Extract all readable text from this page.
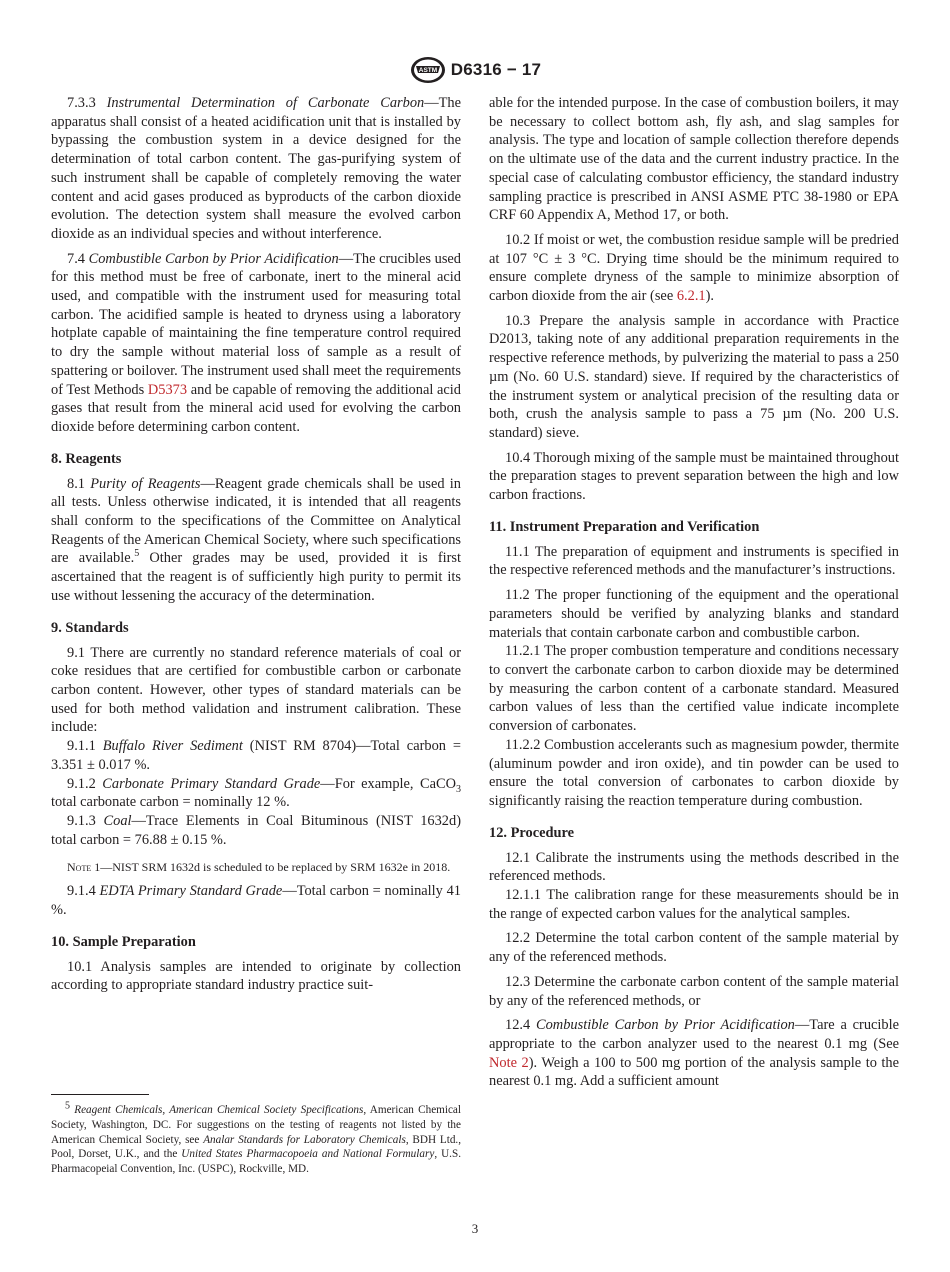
ASTM D6316 − 17

7.3.3 Instrumental Determination of Carbonate Carbon—The apparatus shall consist of a heated acidification unit that is installed by bypassing the combustion system in a device designed for the determination of total carbon content. The gas-purifying system of such instrument shall be capable of completely removing the water content and acid gases produced as byproducts of the carbon dioxide evolution. The detection system shall measure the evolved carbon dioxide as an individual species and without interference.

7.4 Combustible Carbon by Prior Acidification—The crucibles used for this method must be free of carbonate, inert to the mineral acid used, and compatible with the instrument used for measuring total carbon. The acidified sample is heated to dryness using a laboratory hotplate capable of maintaining the fine temperature control required to dry the sample without material loss of sample as a result of spattering or boilover. The instrument used shall meet the requirements of Test Methods D5373 and be capable of removing the additional acid gases that result from the mineral acid used for evolving the carbon dioxide before determining carbon content.

8. Reagents

8.1 Purity of Reagents—Reagent grade chemicals shall be used in all tests. Unless otherwise indicated, it is intended that all reagents shall conform to the specifications of the Committee on Analytical Reagents of the American Chemical Society, where such specifications are available.$^5$ Other grades may be used, provided it is first ascertained that the reagent is of sufficiently high purity to permit its use without lessening the accuracy of the determination.

9. Standards

9.1 There are currently no standard reference materials of coal or coke residues that are certified for combustible carbon or carbonate carbon content. However, other types of standard materials can be used for both method validation and instrument calibration. These include:

9.1.1 Buffalo River Sediment (NIST RM 8704)—Total carbon = 3.351 ± 0.017 %.

9.1.2 Carbonate Primary Standard Grade—For example, CaCO$_3$ total carbonate carbon = nominally 12 %.

9.1.3 Coal—Trace Elements in Coal Bituminous (NIST 1632d) total carbon = 76.88 ± 0.15 %.

Note 1—NIST SRM 1632d is scheduled to be replaced by SRM 1632e in 2018.

9.1.4 EDTA Primary Standard Grade—Total carbon = nominally 41 %.

10. Sample Preparation

10.1 Analysis samples are intended to originate by collection according to appropriate standard industry practice suit-

able for the intended purpose. In the case of combustion boilers, it may be necessary to collect bottom ash, fly ash, and slag samples for analysis. The type and location of sample collection therefore depends on the ultimate use of the data and the current industry practice. In the special case of calculating combustor efficiency, the standard industry sampling practice is prescribed in ANSI ASME PTC 38-1980 or EPA CRF 60 Appendix A, Method 17, or both.

10.2 If moist or wet, the combustion residue sample will be predried at 107 °C ± 3 °C. Drying time should be the minimum required to ensure complete dryness of the sample to minimize absorption of carbon dioxide from the air (see 6.2.1).

10.3 Prepare the analysis sample in accordance with Practice D2013, taking note of any additional preparation requirements in the respective reference methods, by pulverizing the material to pass a 250 µm (No. 60 U.S. standard) sieve. If required by the characteristics of the instrument system or analytical precision of the resulting data or both, crush the analysis sample to pass a 75 µm (No. 200 U.S. standard) sieve.

10.4 Thorough mixing of the sample must be maintained throughout the preparation stages to prevent separation between the high and low carbon fractions.

11. Instrument Preparation and Verification

11.1 The preparation of equipment and instruments is specified in the respective referenced methods and the manufacturer’s instructions.

11.2 The proper functioning of the equipment and the operational parameters should be verified by analyzing blanks and standard materials that contain carbonate carbon and combustible carbon.

11.2.1 The proper combustion temperature and conditions necessary to convert the carbonate carbon to carbon dioxide may be determined by measuring the carbon content of a carbonate standard. Measured carbon values of less than the certified value indicate incomplete conversion of carbonates.

11.2.2 Combustion accelerants such as magnesium powder, thermite (aluminum powder and iron oxide), and tin powder can be used to ensure the total conversion of carbonates to carbon dioxide by significantly raising the reaction temperature during combustion.

12. Procedure

12.1 Calibrate the instruments using the methods described in the referenced methods.

12.1.1 The calibration range for these measurements should be in the range of expected carbon values for the analytical samples.

12.2 Determine the total carbon content of the sample material by any of the referenced methods.

12.3 Determine the carbonate carbon content of the sample material by any of the referenced methods, or

12.4 Combustible Carbon by Prior Acidification—Tare a crucible appropriate to the carbon analyzer used to the nearest 0.1 mg (See Note 2). Weigh a 100 to 500 mg portion of the analysis sample to the nearest 0.1 mg. Add a sufficient amount

$^5$ Reagent Chemicals, American Chemical Society Specifications, American Chemical Society, Washington, DC. For suggestions on the testing of reagents not listed by the American Chemical Society, see Analar Standards for Laboratory Chemicals, BDH Ltd., Pool, Dorset, U.K., and the United States Pharmacopoeia and National Formulary, U.S. Pharmacopeial Convention, Inc. (USPC), Rockville, MD.
3
